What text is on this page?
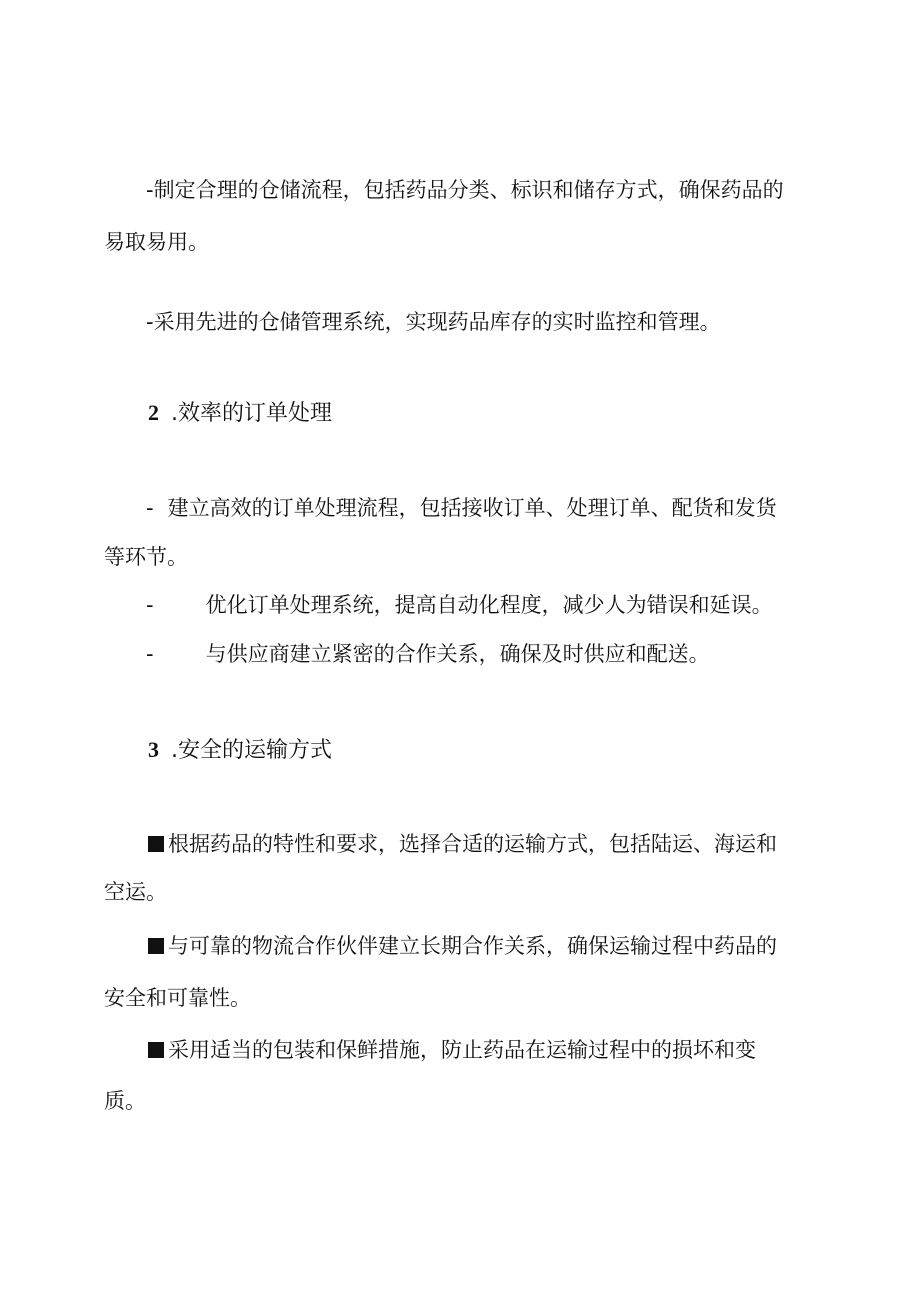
-制定合理的仓储流程，包括药品分类、标识和储存方式，确保药品的
易取易用。
-采用先进的仓储管理系统，实现药品库存的实时监控和管理。
2 .效率的订单处理
- 建立高效的订单处理流程，包括接收订单、处理订单、配货和发货
等环节。
- 优化订单处理系统，提高自动化程度，减少人为错误和延误。
- 与供应商建立紧密的合作关系，确保及时供应和配送。
3 .安全的运输方式
根据药品的特性和要求，选择合适的运输方式，包括陆运、海运和
空运。
与可靠的物流合作伙伴建立长期合作关系，确保运输过程中药品的
安全和可靠性。
采用适当的包装和保鲜措施，防止药品在运输过程中的损坏和变
质。
